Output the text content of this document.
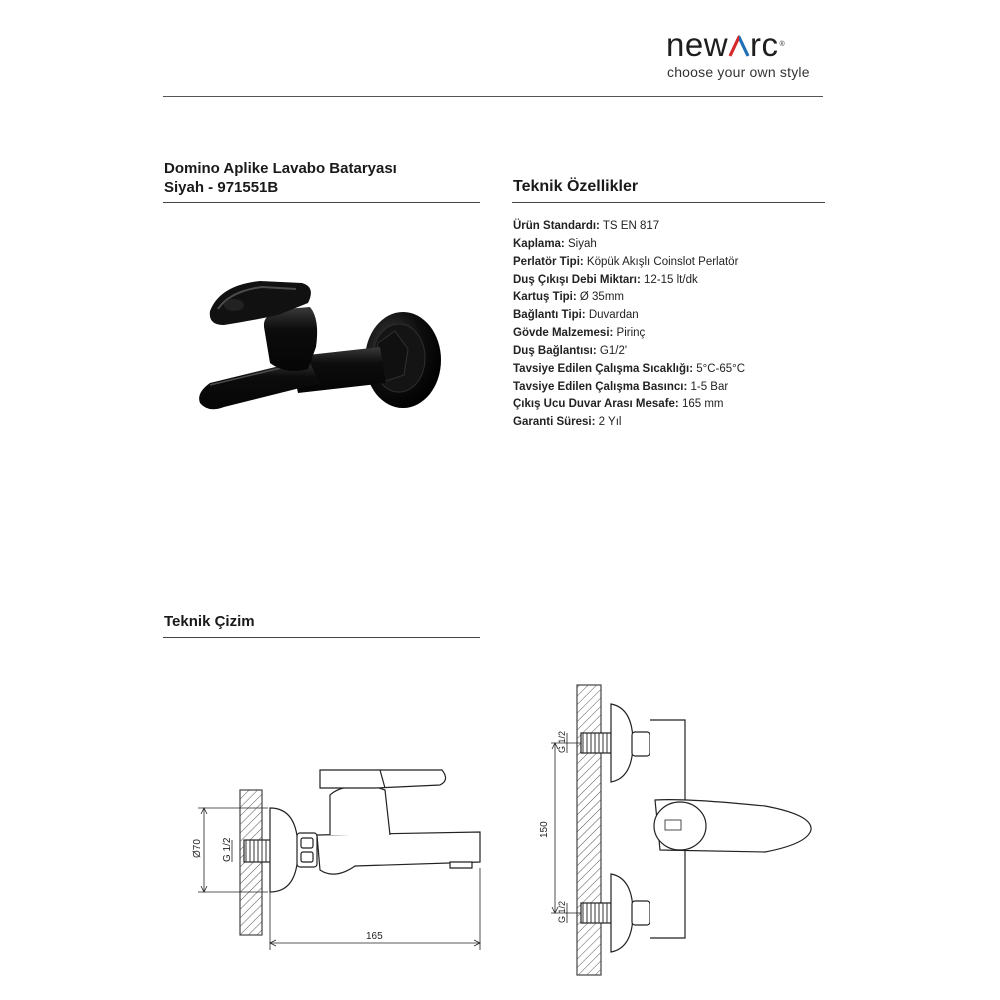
new rc®
choose your own style
Domino Aplike Lavabo Bataryası
Siyah - 971551B	Teknik Özellikler
Ürün Standardı: TS EN 817
Kaplama: Siyah
Perlatör Tipi: Köpük Akışlı Coinslot Perlatör
Duş Çıkışı Debi Miktarı: 12-15 lt/dk
Kartuş Tipi: Ø 35mm
Bağlantı Tipi: Duvardan
Gövde Malzemesi: Pirinç
Duş Bağlantısı: G1/2'
Tavsiye Edilen Çalışma Sıcaklığı: 5°C-65°C
Tavsiye Edilen Çalışma Basıncı: 1-5 Bar
Çıkış Ucu Duvar Arası Mesafe: 165 mm
Garanti Süresi: 2 Yıl
Teknik Çizim
Ø70 G 1/2
165
150
G 1/2
G 1/2
